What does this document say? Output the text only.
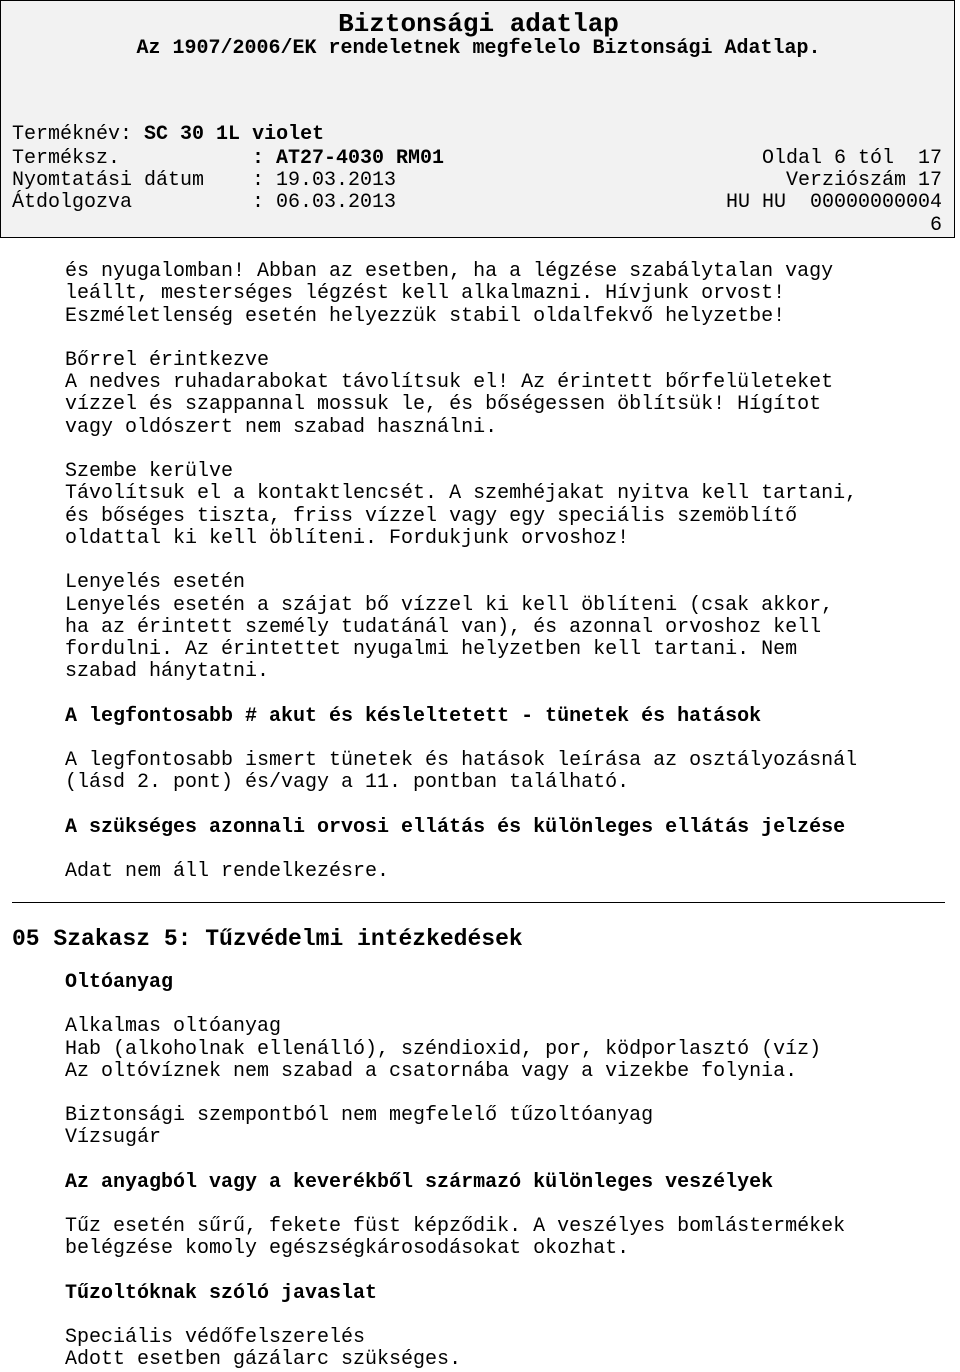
Biztonsági adatlap
Az 1907/2006/EK rendeletnek megfelelo Biztonsági Adatlap.
Terméknév: SC 30 1L violet
Terméksz.	: AT27-4030 RM01	Oldal 6 tól  17
Nyomtatási dátum : 19.03.2013	Verziószám 17
Átdolgozva	: 06.03.2013	HU HU  00000000004
6

és nyugalomban! Abban az esetben, ha a légzése szabálytalan vagy

leállt, mesterséges légzést kell alkalmazni. Hívjunk orvost!

Eszméletlenség esetén helyezzük stabil oldalfekvő helyzetbe!

Bőrrel érintkezve

A nedves ruhadarabokat távolítsuk el! Az érintett bőrfelületeket

vízzel és szappannal mossuk le, és bőségessen öblítsük! Hígítot

vagy oldószert nem szabad használni.

Szembe kerülve

Távolítsuk el a kontaktlencsét. A szemhéjakat nyitva kell tartani,

és bőséges tiszta, friss vízzel vagy egy speciális szemöblítő

oldattal ki kell öblíteni. Fordukjunk orvoshoz!

Lenyelés esetén

Lenyelés esetén a szájat bő vízzel ki kell öblíteni (csak akkor,

ha az érintett személy tudatánál van), és azonnal orvoshoz kell

fordulni. Az érintettet nyugalmi helyzetben kell tartani. Nem

szabad hánytatni.

A legfontosabb # akut és késleltetett - tünetek és hatások

A legfontosabb ismert tünetek és hatások leírása az osztályozásnál

(lásd 2. pont) és/vagy a 11. pontban található.

A szükséges azonnali orvosi ellátás és különleges ellátás jelzése

Adat nem áll rendelkezésre.

05 Szakasz 5: Tűzvédelmi intézkedések

Oltóanyag

Alkalmas oltóanyag

Hab (alkoholnak ellenálló), széndioxid, por, ködporlasztó (víz)

Az oltóvíznek nem szabad a csatornába vagy a vizekbe folynia.

Biztonsági szempontból nem megfelelő tűzoltóanyag

Vízsugár

Az anyagból vagy a keverékből származó különleges veszélyek

Tűz esetén sűrű, fekete füst képződik. A veszélyes bomlástermékek

belégzése komoly egészségkárosodásokat okozhat.

Tűzoltóknak szóló javaslat

Speciális védőfelszerelés

Adott esetben gázálarc szükséges.
